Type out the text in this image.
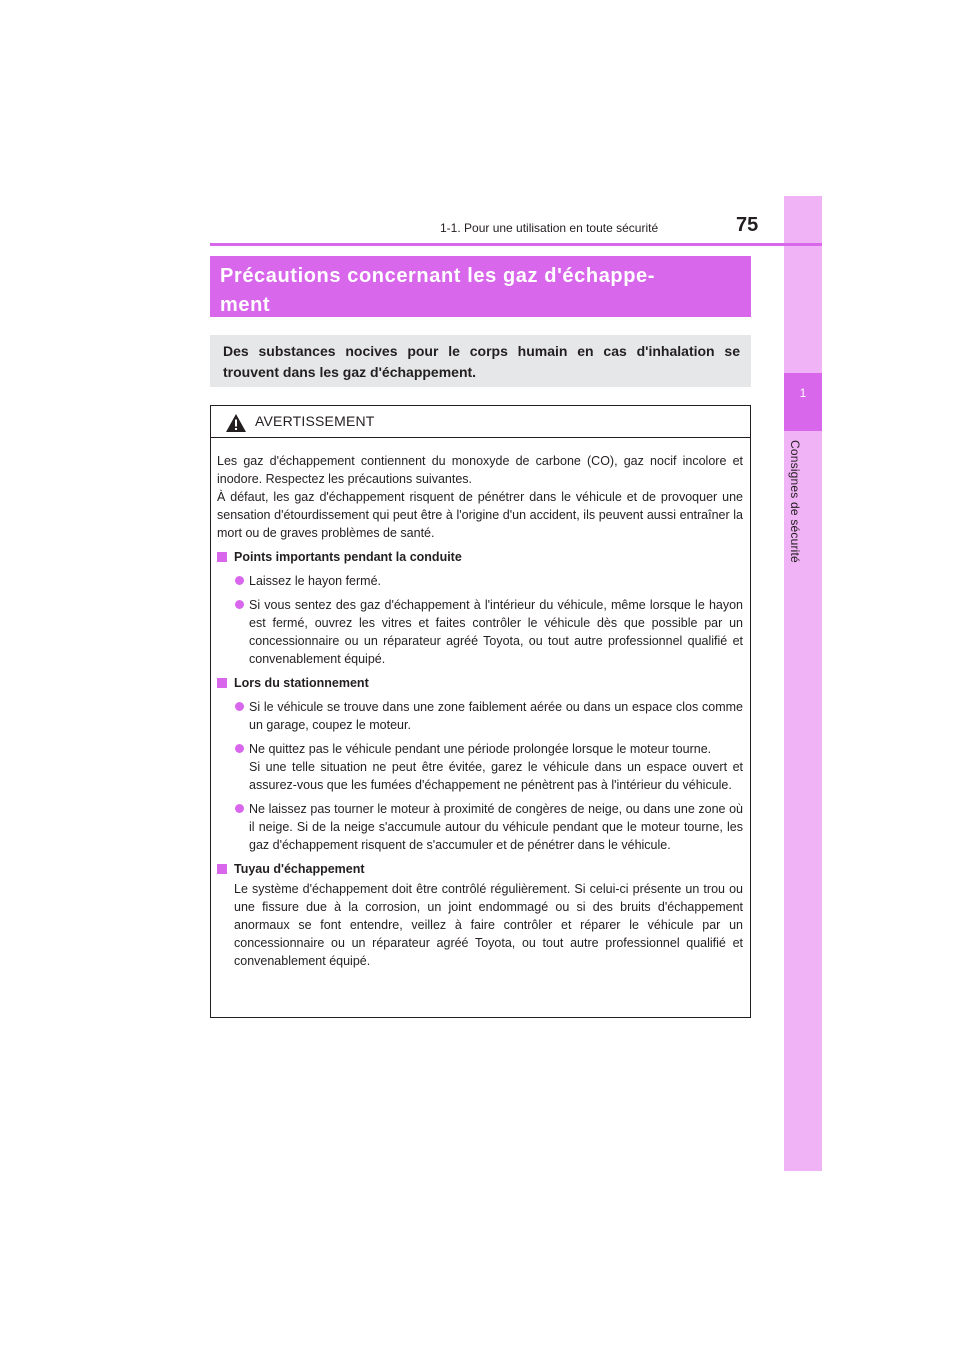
1
Consignes de sécurité
1-1. Pour une utilisation en toute sécurité	75
Précautions concernant les gaz d'échappe-
ment

Des substances nocives pour le corps humain en cas d'inhalation se trouvent dans les gaz d'échappement.

AVERTISSEMENT

Les gaz d'échappement contiennent du monoxyde de carbone (CO), gaz nocif incolore et inodore. Respectez les précautions suivantes.

À défaut, les gaz d'échappement risquent de pénétrer dans le véhicule et de provoquer une sensation d'étourdissement qui peut être à l'origine d'un accident, ils peuvent aussi entraîner la mort ou de graves problèmes de santé.

Points importants pendant la conduite

Laissez le hayon fermé.

Si vous sentez des gaz d'échappement à l'intérieur du véhicule, même lorsque le hayon est fermé, ouvrez les vitres et faites contrôler le véhicule dès que possible par un concessionnaire ou un réparateur agréé Toyota, ou tout autre professionnel qualifié et convenablement équipé.

Lors du stationnement

Si le véhicule se trouve dans une zone faiblement aérée ou dans un espace clos comme un garage, coupez le moteur.

Ne quittez pas le véhicule pendant une période prolongée lorsque le moteur tourne.
Si une telle situation ne peut être évitée, garez le véhicule dans un espace ouvert et assurez-vous que les fumées d'échappement ne pénètrent pas à l'intérieur du véhicule.

Ne laissez pas tourner le moteur à proximité de congères de neige, ou dans une zone où il neige. Si de la neige s'accumule autour du véhicule pendant que le moteur tourne, les gaz d'échappement risquent de s'accumuler et de pénétrer dans le véhicule.

Tuyau d'échappement

Le système d'échappement doit être contrôlé régulièrement. Si celui-ci présente un trou ou une fissure due à la corrosion, un joint endommagé ou si des bruits d'échappement anormaux se font entendre, veillez à faire contrôler et réparer le véhicule par un concessionnaire ou un réparateur agréé Toyota, ou tout autre professionnel qualifié et convenablement équipé.
